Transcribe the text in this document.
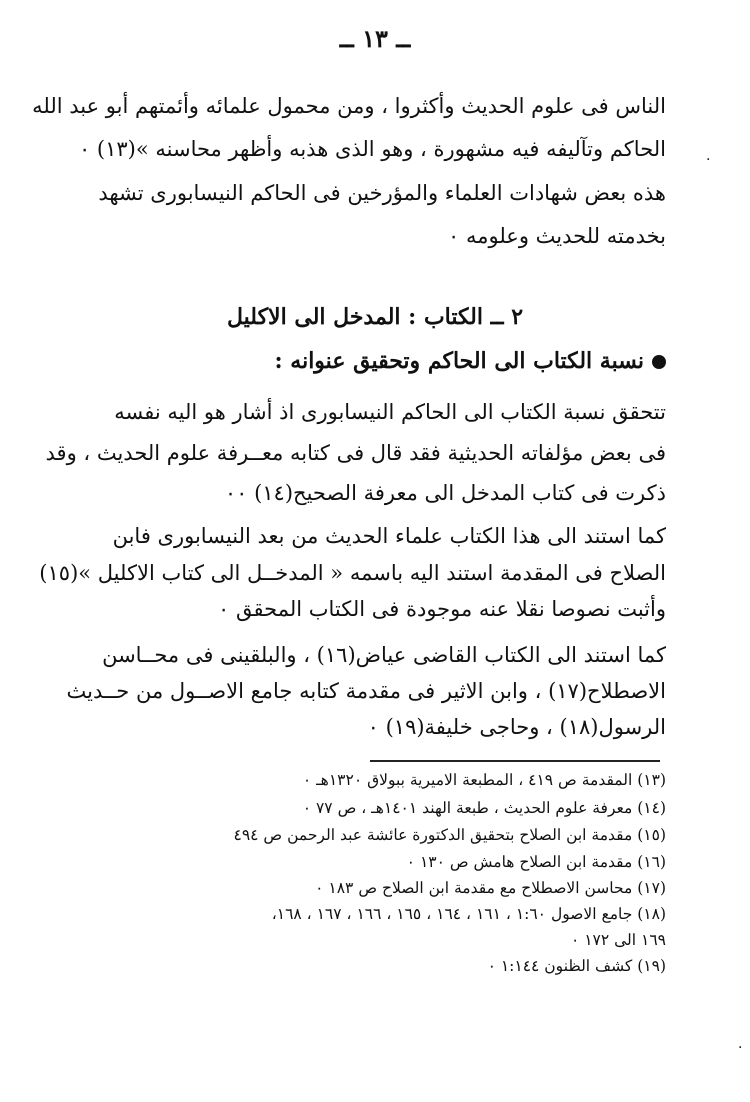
ــ ١٣ ــ
الناس فى علوم الحديث وأكثروا ، ومن محمول علمائه وأئمتهم أبو عبد الله
الحاكم وتآليفه فيه مشهورة ، وهو الذى هذبه وأظهر محاسنه »(١٣) ٠	.
هذه بعض شهادات العلماء والمؤرخين فى الحاكم النيسابورى تشهد
بخدمته للحديث وعلومه ٠
٢ ــ الكتاب : المدخل الى الاكليل
نسبة الكتاب الى الحاكم وتحقيق عنوانه :
تتحقق نسبة الكتاب الى الحاكم النيسابورى اذ أشار هو اليه نفسه
فى بعض مؤلفاته الحديثية فقد قال فى كتابه معــرفة علوم الحديث ، وقد
ذكرت فى كتاب المدخل الى معرفة الصحيح(١٤) ٠٠
كما استند الى هذا الكتاب علماء الحديث من بعد النيسابورى فابن
الصلاح فى المقدمة استند اليه باسمه « المدخــل الى كتاب الاكليل »(١٥)
وأثبت نصوصا نقلا عنه موجودة فى الكتاب المحقق ٠
كما استند الى الكتاب القاضى عياض(١٦) ، والبلقينى فى محــاسن
الاصطلاح(١٧) ، وابن الاثير فى مقدمة كتابه جامع الاصــول من حــديث
الرسول(١٨) ، وحاجى خليفة(١٩) ٠
(١٣) المقدمة ص ٤١٩ ، المطبعة الاميرية ببولاق ١٣٢٠هـ ٠
(١٤) معرفة علوم الحديث ، طبعة الهند ١٤٠١هـ ، ص ٧٧ ٠
(١٥) مقدمة ابن الصلاح بتحقيق الدكتورة عائشة عبد الرحمن ص ٤٩٤
(١٦) مقدمة ابن الصلاح هامش ص ١٣٠ ٠
(١٧) محاسن الاصطلاح مع مقدمة ابن الصلاح ص ١٨٣ ٠
(١٨) جامع الاصول ١:٦٠ ، ١٦١ ، ١٦٤ ، ١٦٥ ، ١٦٦ ، ١٦٧ ، ١٦٨،
١٦٩ الى ١٧٢ ٠
(١٩) كشف الظنون ١:١٤٤ ٠
·
